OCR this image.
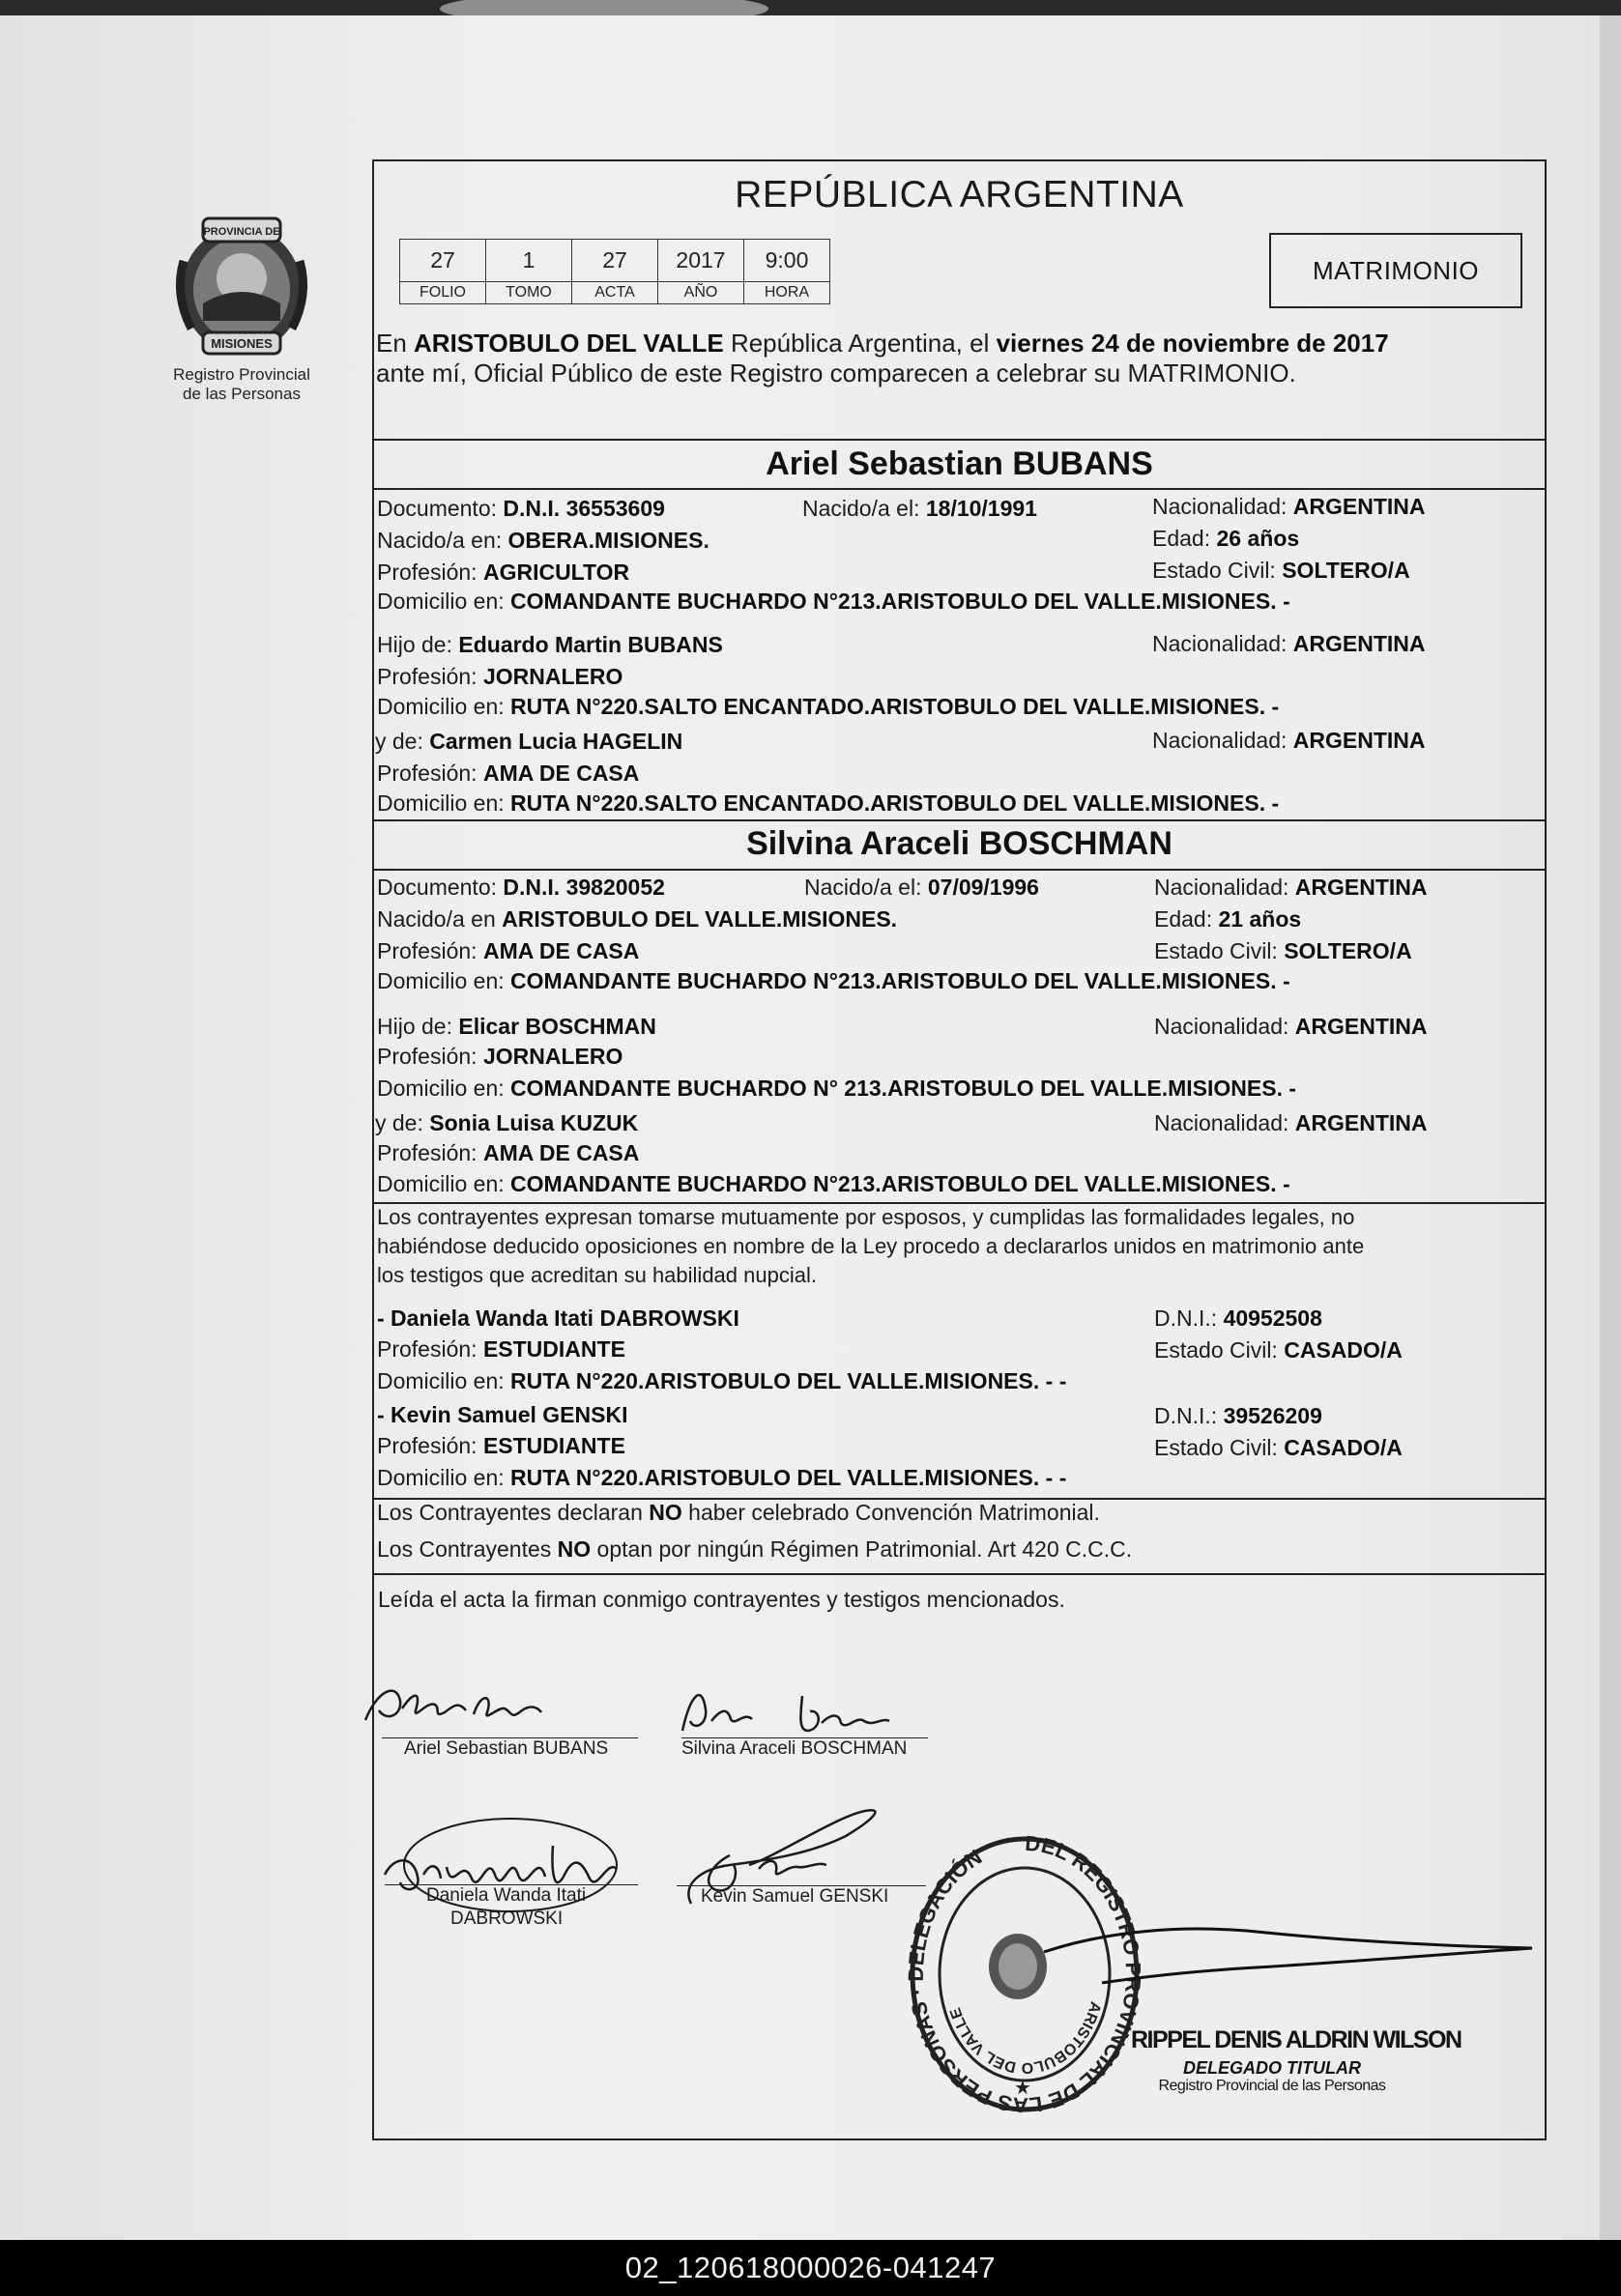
PROVINCIA DE
MISIONES
Registro Provincial
de las Personas
REPÚBLICA ARGENTINA
27	1	27	2017	9:00
FOLIO	TOMO	ACTA	AÑO	HORA
MATRIMONIO
En ARISTOBULO DEL VALLE República Argentina, el viernes 24 de noviembre de 2017
ante mí, Oficial Público de este Registro comparecen a celebrar su MATRIMONIO.
Ariel Sebastian BUBANS
Documento: D.N.I. 36553609	Nacido/a el: 18/10/1991	Nacionalidad: ARGENTINA
Nacido/a en: OBERA.MISIONES.	Edad: 26 años
Profesión: AGRICULTOR	Estado Civil: SOLTERO/A
Domicilio en: COMANDANTE BUCHARDO N°213.ARISTOBULO DEL VALLE.MISIONES. -
Hijo de: Eduardo Martin BUBANS	Nacionalidad: ARGENTINA
Profesión: JORNALERO
Domicilio en: RUTA N°220.SALTO ENCANTADO.ARISTOBULO DEL VALLE.MISIONES. -
y de: Carmen Lucia HAGELIN	Nacionalidad: ARGENTINA
Profesión: AMA DE CASA
Domicilio en: RUTA N°220.SALTO ENCANTADO.ARISTOBULO DEL VALLE.MISIONES. -
Silvina Araceli BOSCHMAN
Documento: D.N.I. 39820052	Nacido/a el: 07/09/1996	Nacionalidad: ARGENTINA
Nacido/a en ARISTOBULO DEL VALLE.MISIONES.	Edad: 21 años
Profesión: AMA DE CASA	Estado Civil: SOLTERO/A
Domicilio en: COMANDANTE BUCHARDO N°213.ARISTOBULO DEL VALLE.MISIONES. -
Hijo de: Elicar BOSCHMAN	Nacionalidad: ARGENTINA
Profesión: JORNALERO
Domicilio en: COMANDANTE BUCHARDO N° 213.ARISTOBULO DEL VALLE.MISIONES. -
y de: Sonia Luisa KUZUK	Nacionalidad: ARGENTINA
Profesión: AMA DE CASA
Domicilio en: COMANDANTE BUCHARDO N°213.ARISTOBULO DEL VALLE.MISIONES. -
Los contrayentes expresan tomarse mutuamente por esposos, y cumplidas las formalidades legales, no
habiéndose deducido oposiciones en nombre de la Ley procedo a declararlos unidos en matrimonio ante
los testigos que acreditan su habilidad nupcial.
- Daniela Wanda Itati DABROWSKI	D.N.I.: 40952508
Profesión: ESTUDIANTE	Estado Civil: CASADO/A
Domicilio en: RUTA N°220.ARISTOBULO DEL VALLE.MISIONES. - -
- Kevin Samuel GENSKI	D.N.I.: 39526209
Profesión: ESTUDIANTE	Estado Civil: CASADO/A
Domicilio en: RUTA N°220.ARISTOBULO DEL VALLE.MISIONES. - -
Los Contrayentes declaran NO haber celebrado Convención Matrimonial.
Los Contrayentes NO optan por ningún Régimen Patrimonial. Art 420 C.C.C.
Leída el acta la firman conmigo contrayentes y testigos mencionados.
Ariel Sebastian BUBANS	Silvina Araceli BOSCHMAN
Daniela Wanda Itati
DABROWSKI
Kevin Samuel GENSKI
DEL REGISTRO PROVINCIAL DE LAS PERSONAS · DELEGACIÓN
ARISTOBULO DEL VALLE
★
RIPPEL DENIS ALDRIN WILSON
DELEGADO TITULAR
Registro Provincial de las Personas
02_120618000026-041247
